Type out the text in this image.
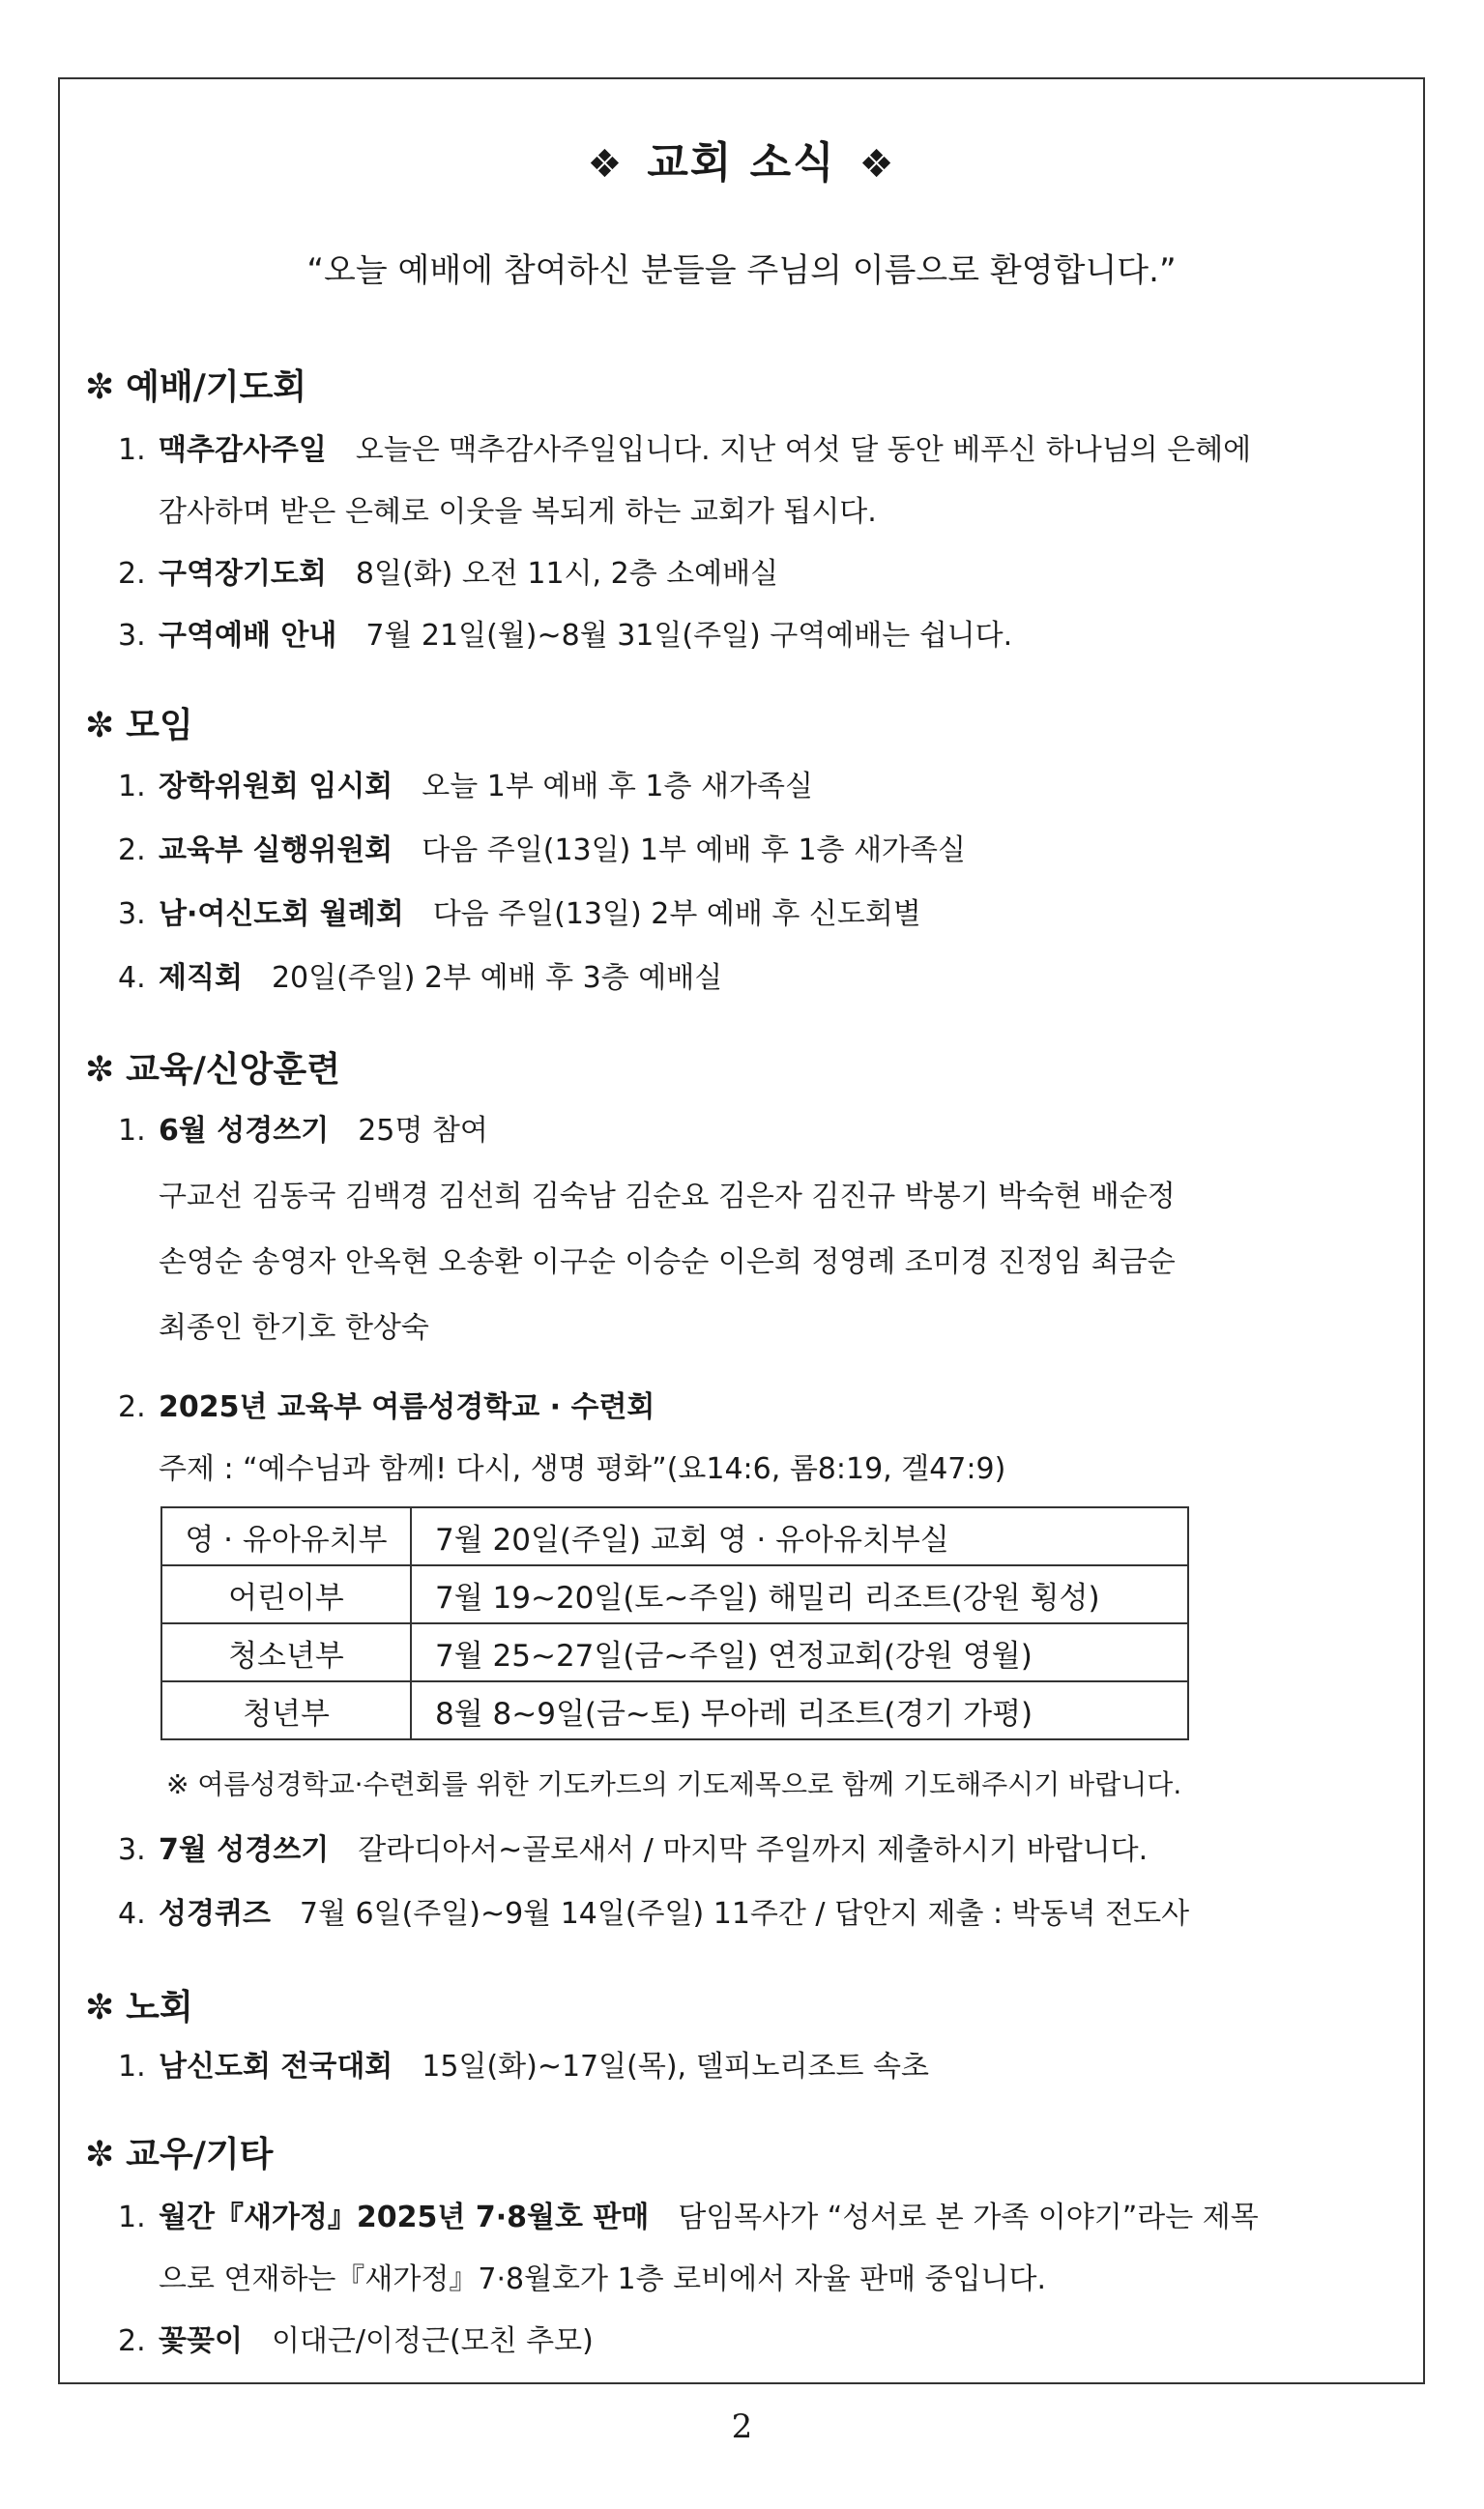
❖ 교회 소식 ❖
“오늘 예배에 참여하신 분들을 주님의 이름으로 환영합니다.”
✼ 예배/기도회
1. 맥추감사주일 오늘은 맥추감사주일입니다. 지난 여섯 달 동안 베푸신 하나님의 은혜에
감사하며 받은 은혜로 이웃을 복되게 하는 교회가 됩시다.
2. 구역장기도회 8일(화) 오전 11시, 2층 소예배실
3. 구역예배 안내 7월 21일(월)~8월 31일(주일) 구역예배는 쉽니다.
✼ 모임
1. 장학위원회 임시회 오늘 1부 예배 후 1층 새가족실
2. 교육부 실행위원회 다음 주일(13일) 1부 예배 후 1층 새가족실
3. 남·여신도회 월례회 다음 주일(13일) 2부 예배 후 신도회별
4. 제직회 20일(주일) 2부 예배 후 3층 예배실
✼ 교육/신앙훈련
1. 6월 성경쓰기 25명 참여
구교선 김동국 김백경 김선희 김숙남 김순요 김은자 김진규 박봉기 박숙현 배순정
손영순 송영자 안옥현 오송환 이구순 이승순 이은희 정영례 조미경 진정임 최금순
최종인 한기호 한상숙
2. 2025년 교육부 여름성경학교 · 수련회
주제 : “예수님과 함께! 다시, 생명 평화”(요14:6, 롬8:19, 겔47:9)
영 · 유아유치부	7월 20일(주일) 교회 영 · 유아유치부실
어린이부	7월 19~20일(토~주일) 해밀리 리조트(강원 횡성)
청소년부	7월 25~27일(금~주일) 연정교회(강원 영월)
청년부	8월 8~9일(금~토) 무아레 리조트(경기 가평)
※ 여름성경학교·수련회를 위한 기도카드의 기도제목으로 함께 기도해주시기 바랍니다.
3. 7월 성경쓰기 갈라디아서~골로새서 / 마지막 주일까지 제출하시기 바랍니다.
4. 성경퀴즈 7월 6일(주일)~9월 14일(주일) 11주간 / 답안지 제출 : 박동녁 전도사
✼ 노회
1. 남신도회 전국대회 15일(화)~17일(목), 델피노리조트 속초
✼ 교우/기타
1. 월간『새가정』2025년 7·8월호 판매 담임목사가 “성서로 본 가족 이야기”라는 제목
으로 연재하는『새가정』7·8월호가 1층 로비에서 자율 판매 중입니다.
2. 꽃꽂이 이대근/이정근(모친 추모)
2
